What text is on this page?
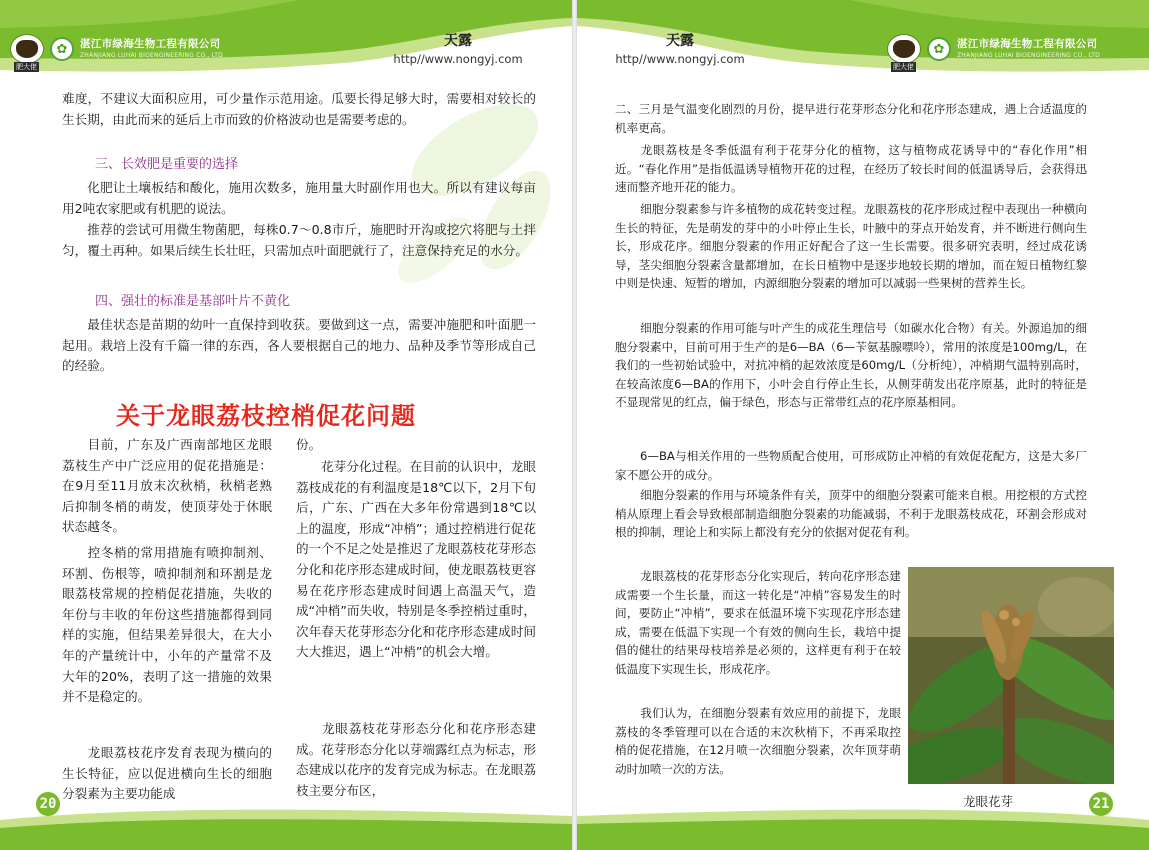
肥大佬
✿	湛江市绿海生物工程有限公司
ZHANJIANG LUHAI BIOENGINEERING CO., LTD
天露
http//www.nongyj.com
难度，不建议大面积应用，可少量作示范用途。瓜要长得足够大时，需要相对较长的生长期，由此而来的延后上市而致的价格波动也是需要考虑的。
三、长效肥是重要的选择
化肥让土壤板结和酸化，施用次数多，施用量大时副作用也大。所以有建议每亩用2吨农家肥或有机肥的说法。
推荐的尝试可用微生物菌肥，每株0.7～0.8市斤，施肥时开沟或挖穴将肥与土拌匀，覆土再种。如果后续生长壮旺，只需加点叶面肥就行了，注意保持充足的水分。
四、强壮的标准是基部叶片不黄化
最佳状态是苗期的幼叶一直保持到收获。要做到这一点，需要冲施肥和叶面肥一起用。栽培上没有千篇一律的东西，各人要根据自己的地力、品种及季节等形成自己的经验。
关于龙眼荔枝控梢促花问题
目前，广东及广西南部地区龙眼荔枝生产中广泛应用的促花措施是：在9月至11月放末次秋梢，秋梢老熟后抑制冬梢的萌发，使顶芽处于休眠状态越冬。
控冬梢的常用措施有喷抑制剂、环割、伤根等，喷抑制剂和环割是龙眼荔枝常规的控梢促花措施，失收的年份与丰收的年份这些措施都得到同样的实施，但结果差异很大，在大小年的产量统计中，小年的产量常不及大年的20%，表明了这一措施的效果并不是稳定的。
龙眼荔枝花序发育表现为横向的生长特征，应以促进横向生长的细胞分裂素为主要功能成
份。
花芽分化过程。在目前的认识中，龙眼荔枝成花的有利温度是18℃以下，2月下旬后，广东、广西在大多年份常遇到18℃以上的温度，形成“冲梢”；通过控梢进行促花的一个不足之处是推迟了龙眼荔枝花芽形态分化和花序形态建成时间，使龙眼荔枝更容易在花序形态建成时间遇上高温天气，造成“冲梢”而失收，特别是冬季控梢过重时，次年春天花芽形态分化和花序形态建成时间大大推迟，遇上“冲梢”的机会大增。
龙眼荔枝花芽形态分化和花序形态建成。花芽形态分化以芽端露红点为标志，形态建成以花序的发育完成为标志。在龙眼荔枝主要分布区，
20
天露
http//www.nongyj.com
肥大佬
✿	湛江市绿海生物工程有限公司
ZHANJIANG LUHAI BIOENGINEERING CO., LTD
二、三月是气温变化剧烈的月份，提早进行花芽形态分化和花序形态建成，遇上合适温度的机率更高。
龙眼荔枝是冬季低温有利于花芽分化的植物，这与植物成花诱导中的“春化作用”相近。“春化作用”是指低温诱导植物开花的过程，在经历了较长时间的低温诱导后，会获得迅速而整齐地开花的能力。
细胞分裂素参与许多植物的成花转变过程。龙眼荔枝的花序形成过程中表现出一种横向生长的特征，先是萌发的芽中的小叶停止生长，叶腋中的芽点开始发育，并不断进行侧向生长，形成花序。细胞分裂素的作用正好配合了这一生长需要。很多研究表明，经过成花诱导，茎尖细胞分裂素含量都增加，在长日植物中是逐步地较长期的增加，而在短日植物红黎中则是快速、短暂的增加，内源细胞分裂素的增加可以减弱一些果树的营养生长。
细胞分裂素的作用可能与叶产生的成花生理信号（如碳水化合物）有关。外源追加的细胞分裂素中，目前可用于生产的是6—BA（6—苄氨基腺嘌呤），常用的浓度是100mg/L，在我们的一些初始试验中，对抗冲梢的起效浓度是60mg/L（分析纯），冲梢期气温特别高时，在较高浓度6—BA的作用下，小叶会自行停止生长，从侧芽萌发出花序原基，此时的特征是不显现常见的红点，偏于绿色，形态与正常带红点的花序原基相同。
6—BA与相关作用的一些物质配合使用，可形成防止冲梢的有效促花配方，这是大多厂家不愿公开的成分。
细胞分裂素的作用与环境条件有关，顶芽中的细胞分裂素可能来自根。用挖根的方式控梢从原理上看会导致根部制造细胞分裂素的功能减弱，不利于龙眼荔枝成花，环割会形成对根的抑制，理论上和实际上都没有充分的依据对促花有利。
龙眼荔枝的花芽形态分化实现后，转向花序形态建成需要一个生长量，而这一转化是“冲梢”容易发生的时间，要防止“冲梢”，要求在低温环境下实现花序形态建成，需要在低温下实现一个有效的侧向生长，栽培中提倡的健壮的结果母枝培养是必须的，这样更有利于在较低温度下实现生长，形成花序。
我们认为，在细胞分裂素有效应用的前提下，龙眼荔枝的冬季管理可以在合适的末次秋梢下，不再采取控梢的促花措施，在12月喷一次细胞分裂素，次年顶芽萌动时加喷一次的方法。
龙眼花芽	21
